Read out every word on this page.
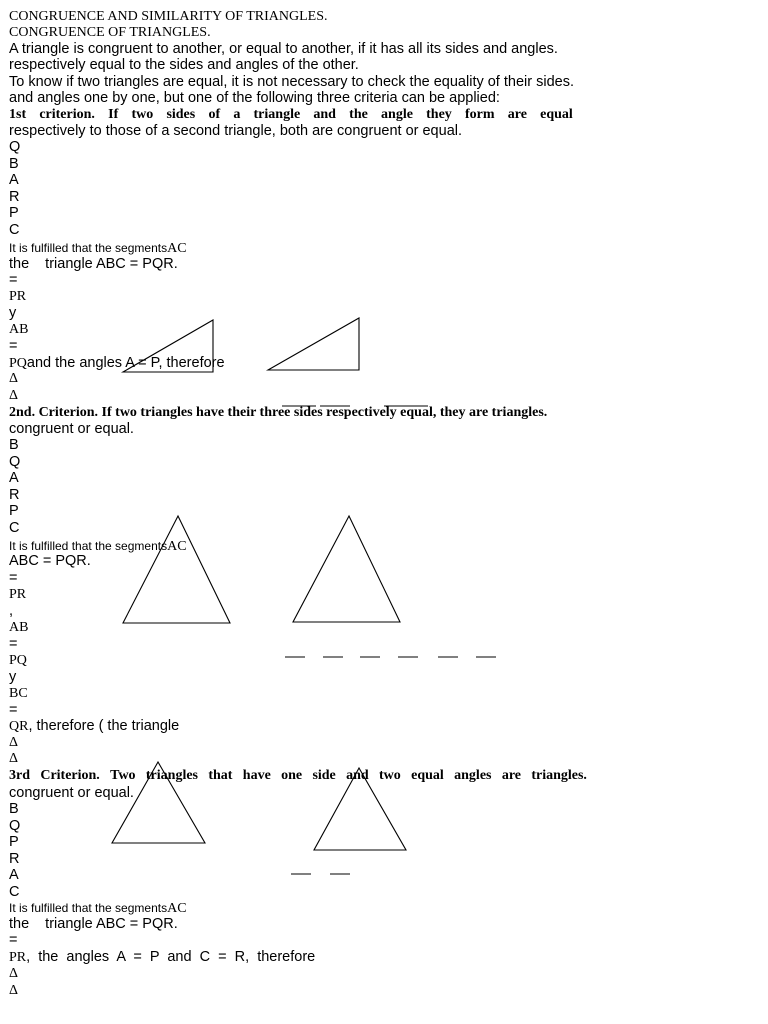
CONGRUENCE AND SIMILARITY OF TRIANGLES.
CONGRUENCE OF TRIANGLES.
A triangle is congruent to another, or equal to another, if it has all its sides and angles.
respectively equal to the sides and angles of the other.
To know if two triangles are equal, it is not necessary to check the equality of their sides.
and angles one by one, but one of the following three criteria can be applied:
1st criterion. If two sides of a triangle and the angle they form are equal
respectively to those of a second triangle, both are congruent or equal.
Q
B
A
R
P
C
It is fulfilled that the segmentsAC
the triangle ABC = PQR.
=
PR
y
AB
=
PQand the angles A = P, therefore
Δ
Δ
2nd. Criterion. If two triangles have their three sides respectively equal, they are triangles.
congruent or equal.
B
Q
A
R
P
C
It is fulfilled that the segmentsAC
ABC = PQR.
=
PR
,
AB
=
PQ
y
BC
=
QR, therefore ( the triangle
Δ
Δ
3rd Criterion. Two triangles that have one side and two equal angles are triangles.
congruent or equal.
B
Q
P
R
A
C
It is fulfilled that the segmentsAC
the triangle ABC = PQR.
=
PR,  the  angles  A  =  P  and  C  =  R,  therefore
Δ
Δ
